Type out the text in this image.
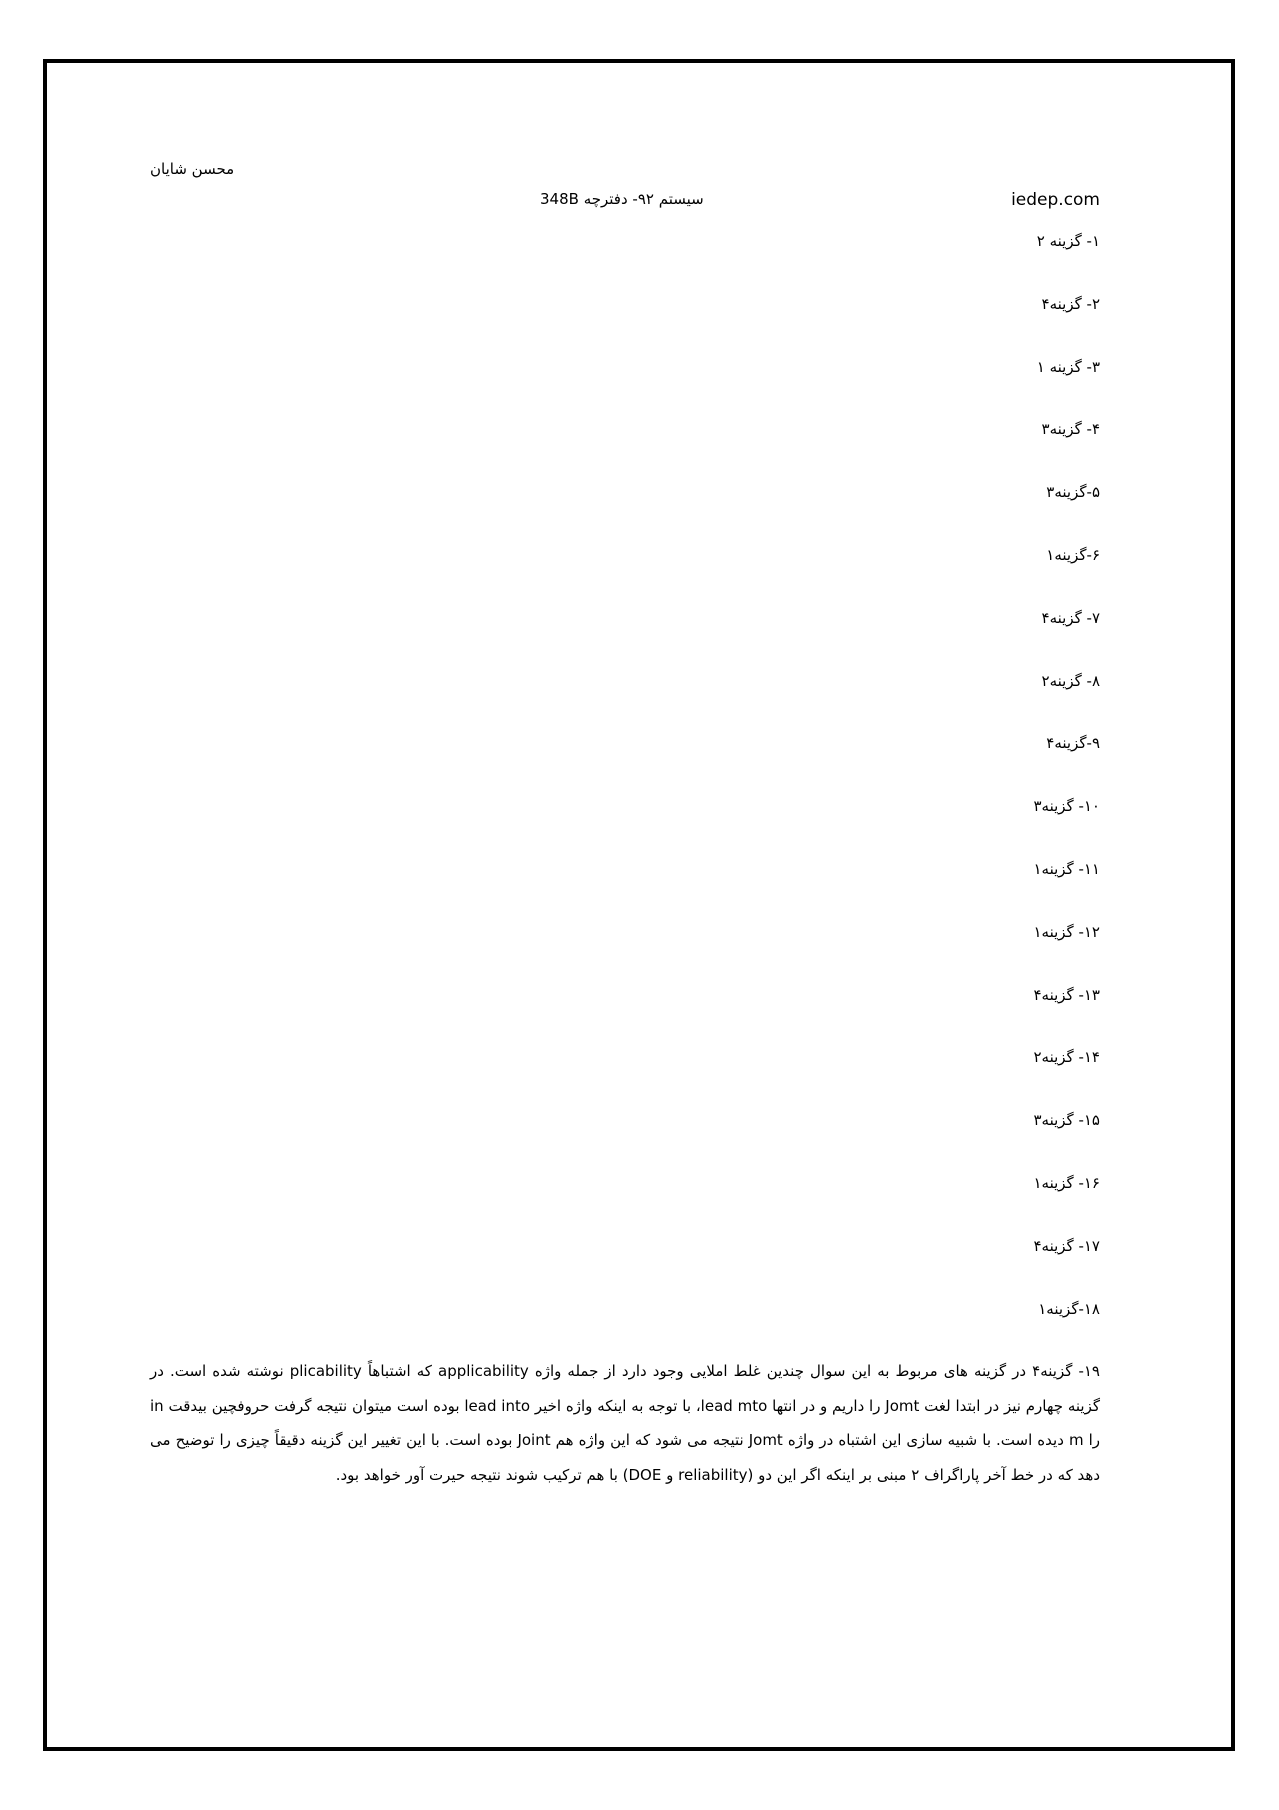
محسن شایان
سیستم ۹۲- دفترچه 348B	iedep.com
۱- گزینه ۲
۲- گزینه۴
۳- گزینه ۱
۴- گزینه۳
۵-گزینه۳
۶-گزینه۱
۷- گزینه۴
۸- گزینه۲
۹-گزینه۴
۱۰- گزینه۳
۱۱- گزینه۱
۱۲- گزینه۱
۱۳- گزینه۴
۱۴- گزینه۲
۱۵- گزینه۳
۱۶- گزینه۱
۱۷- گزینه۴
۱۸-گزینه۱

۱۹- گزینه۴ در گزینه های مربوط به این سوال چندین غلط املایی وجود دارد از جمله واژه applicability که اشتباهاً plicability نوشته شده است. در گزینه چهارم نیز در ابتدا لغت Jomt را داریم و در انتها lead mto، با توجه به اینکه واژه اخیر lead into بوده است میتوان نتیجه گرفت حروفچین بیدقت in را m دیده است. با شبیه سازی این اشتباه در واژه Jomt نتیجه می شود که این واژه هم Joint بوده است. با این تغییر این گزینه دقیقاً چیزی را توضیح می دهد که در خط آخر پاراگراف ۲ مبنی بر اینکه اگر این دو (reliability و DOE) با هم ترکیب شوند نتیجه حیرت آور خواهد بود.
